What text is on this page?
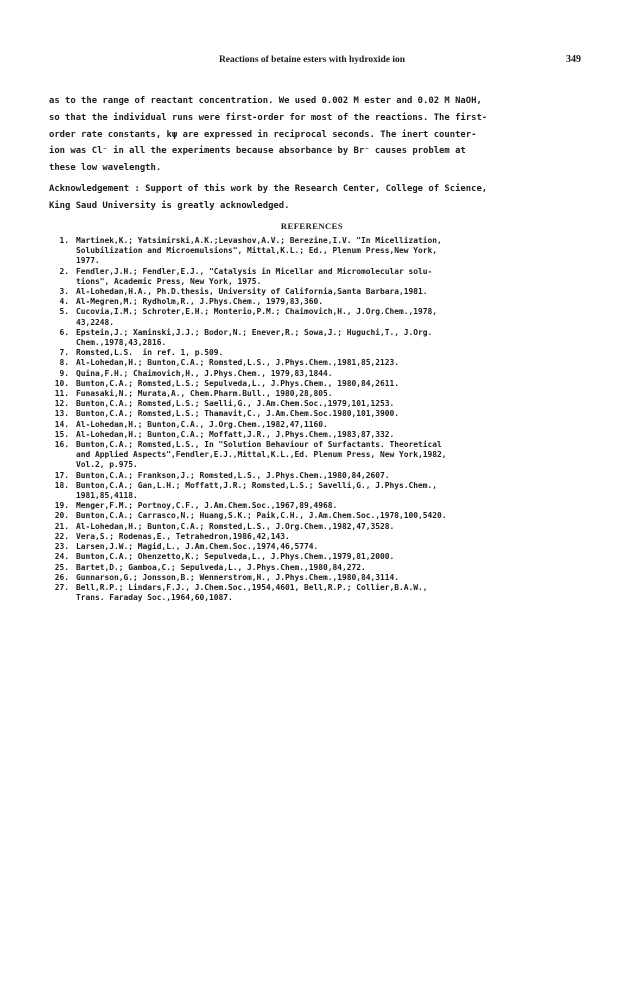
Reactions of betaine esters with hydroxide ion	349
as to the range of reactant concentration. We used 0.002 M ester and 0.02 M NaOH,
so that the individual runs were first-order for most of the reactions. The first-
order rate constants, kψ are expressed in reciprocal seconds. The inert counter-
ion was Cl⁻ in all the experiments because absorbance by Br⁻ causes problem at
these low wavelength.
Acknowledgement : Support of this work by the Research Center, College of Science,
King Saud University is greatly acknowledged.
REFERENCES
1. Martinek,K.; Yatsimirski,A.K.;Levashov,A.V.; Berezine,I.V. "In Micellization,
Solubilization and Microemulsions", Mittal,K.L.; Ed., Plenum Press,New York,
1977.
2. Fendler,J.H.; Fendler,E.J., "Catalysis in Micellar and Micromolecular solu-
tions", Academic Press, New York, 1975.
3. Al-Lohedan,H.A., Ph.D.thesis, University of California,Santa Barbara,1981.
4. Al-Megren,M.; Rydholm,R., J.Phys.Chem., 1979,83,360.
5. Cucovia,I.M.; Schroter,E.H.; Monterio,P.M.; Chaimovich,H., J.Org.Chem.,1978,
43,2248.
6. Epstein,J.; Xaminski,J.J.; Bodor,N.; Enever,R.; Sowa,J.; Huguchi,T., J.Org.
Chem.,1978,43,2816.
7. Romsted,L.S.  in ref. 1, p.509.
8. Al-Lohedan,H.; Bunton,C.A.; Romsted,L.S., J.Phys.Chem.,1981,85,2123.
9. Quina,F.H.; Chaimovich,H., J.Phys.Chem., 1979,83,1844.
10. Bunton,C.A.; Romsted,L.S.; Sepulveda,L., J.Phys.Chem., 1980,84,2611.
11. Funasaki,N.; Murata,A., Chem.Pharm.Bull., 1980,28,805.
12. Bunton,C.A.; Romsted,L.S.; Saelli,G., J.Am.Chem.Soc.,1979,101,1253.
13. Bunton,C.A.; Romsted,L.S.; Thamavit,C., J.Am.Chem.Soc.1980,101,3900.
14. Al-Lohedan,H.; Bunton,C.A., J.Org.Chem.,1982,47,1160.
15. Al-Lohedan,H.; Bunton,C.A.; Moffatt,J.R., J.Phys.Chem.,1983,87,332.
16. Bunton,C.A.; Romsted,L.S., In "Solution Behaviour of Surfactants. Theoretical
and Applied Aspects",Fendler,E.J.,Mittal,K.L.,Ed. Plenum Press, New York,1982,
Vol.2, p.975.
17. Bunton,C.A.; Frankson,J.; Romsted,L.S., J.Phys.Chem.,1980,84,2607.
18. Bunton,C.A.; Gan,L.H.; Moffatt,J.R.; Romsted,L.S.; Savelli,G., J.Phys.Chem.,
1981,85,4118.
19. Menger,F.M.; Portnoy,C.F., J.Am.Chem.Soc.,1967,89,4968.
20. Bunton,C.A.; Carrasco,N.; Huang,S.K.; Paik,C.H., J.Am.Chem.Soc.,1978,100,5420.
21. Al-Lohedan,H.; Bunton,C.A.; Romsted,L.S., J.Org.Chem.,1982,47,3528.
22. Vera,S.; Rodenas,E., Tetrahedron,1986,42,143.
23. Larsen,J.W.; Magid,L., J.Am.Chem.Soc.,1974,46,5774.
24. Bunton,C.A.; Ohenzetto,K.; Sepulveda,L., J.Phys.Chem.,1979,81,2000.
25. Bartet,D.; Gamboa,C.; Sepulveda,L., J.Phys.Chem.,1980,84,272.
26. Gunnarson,G.; Jonsson,B.; Wennerstrom,H., J.Phys.Chem.,1980,84,3114.
27. Bell,R.P.; Lindars,F.J., J.Chem.Soc.,1954,4601, Bell,R.P.; Collier,B.A.W.,
Trans. Faraday Soc.,1964,60,1087.
